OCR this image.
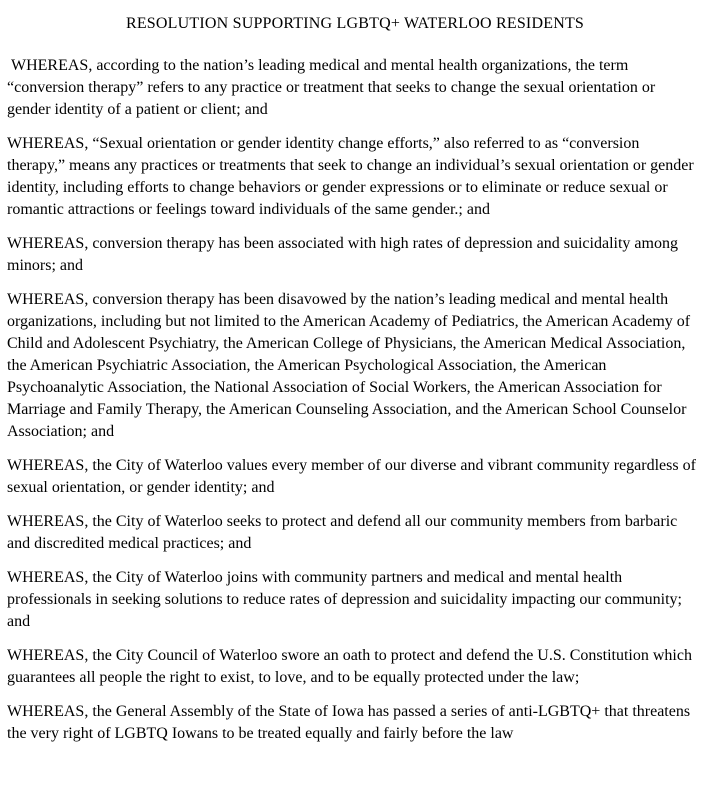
RESOLUTION SUPPORTING LGBTQ+ WATERLOO RESIDENTS

WHEREAS, according to the nation’s leading medical and mental health organizations, the term “conversion therapy” refers to any practice or treatment that seeks to change the sexual orientation or gender identity of a patient or client; and

WHEREAS, “Sexual orientation or gender identity change efforts,” also referred to as “conversion therapy,” means any practices or treatments that seek to change an individual’s sexual orientation or gender identity, including efforts to change behaviors or gender expressions or to eliminate or reduce sexual or romantic attractions or feelings toward individuals of the same gender.; and

WHEREAS, conversion therapy has been associated with high rates of depression and suicidality among minors; and

WHEREAS, conversion therapy has been disavowed by the nation’s leading medical and mental health organizations, including but not limited to the American Academy of Pediatrics, the American Academy of Child and Adolescent Psychiatry, the American College of Physicians, the American Medical Association, the American Psychiatric Association, the American Psychological Association, the American Psychoanalytic Association, the National Association of Social Workers, the American Association for Marriage and Family Therapy, the American Counseling Association, and the American School Counselor Association; and

WHEREAS, the City of Waterloo values every member of our diverse and vibrant community regardless of sexual orientation, or gender identity; and

WHEREAS, the City of Waterloo seeks to protect and defend all our community members from barbaric and discredited medical practices; and

WHEREAS, the City of Waterloo joins with community partners and medical and mental health professionals in seeking solutions to reduce rates of depression and suicidality impacting our community; and

WHEREAS, the City Council of Waterloo swore an oath to protect and defend the U.S. Constitution which guarantees all people the right to exist, to love, and to be equally protected under the law;

WHEREAS, the General Assembly of the State of Iowa has passed a series of anti-LGBTQ+ that threatens the very right of LGBTQ Iowans to be treated equally and fairly before the law
